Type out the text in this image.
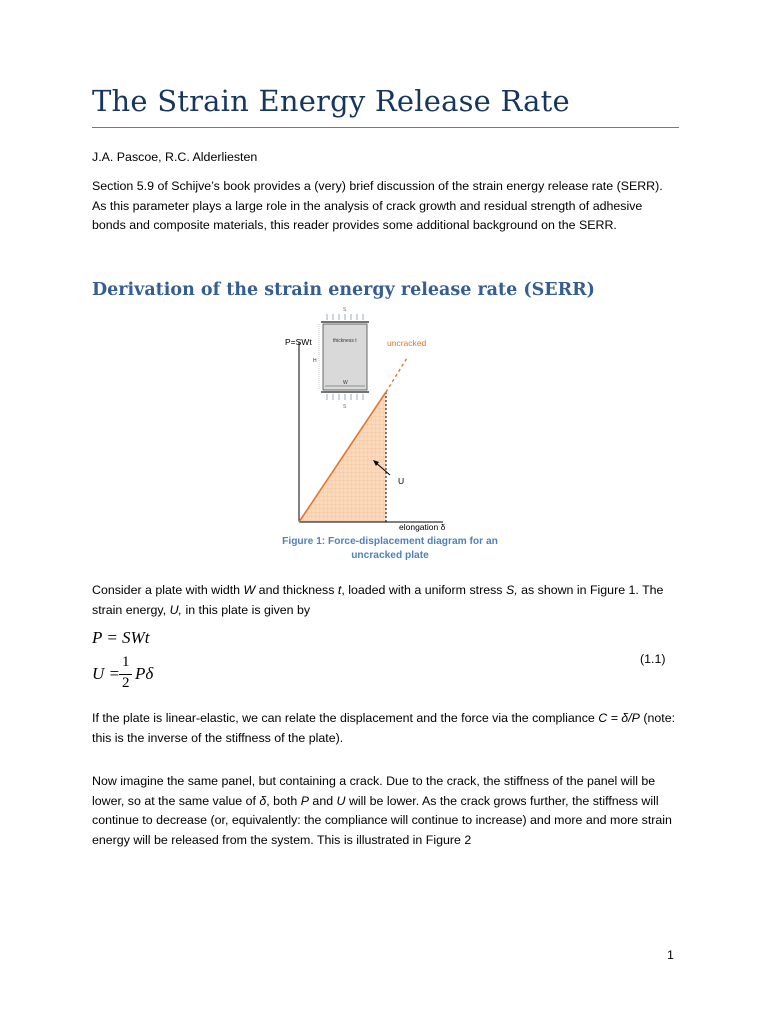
The Strain Energy Release Rate
J.A. Pascoe, R.C. Alderliesten
Section 5.9 of Schijve’s book provides a (very) brief discussion of the strain energy release rate (SERR). As this parameter plays a large role in the analysis of crack growth and residual strength of adhesive bonds and composite materials, this reader provides some additional background on the SERR.
Derivation of the strain energy release rate (SERR)
P=SWt	uncracked
U
elongation δ
thickness t
W
H
S
S
Figure 1: Force-displacement diagram for an uncracked plate
Consider a plate with width W and thickness t, loaded with a uniform stress S, as shown in Figure 1. The strain energy, U, in this plate is given by
P = SWt
U =
1
2 Pδ
(1.1)
If the plate is linear-elastic, we can relate the displacement and the force via the compliance C = δ/P (note: this is the inverse of the stiffness of the plate).
Now imagine the same panel, but containing a crack. Due to the crack, the stiffness of the panel will be lower, so at the same value of δ, both P and U will be lower. As the crack grows further, the stiffness will continue to decrease (or, equivalently: the compliance will continue to increase) and more and more strain energy will be released from the system. This is illustrated in Figure 2
1
